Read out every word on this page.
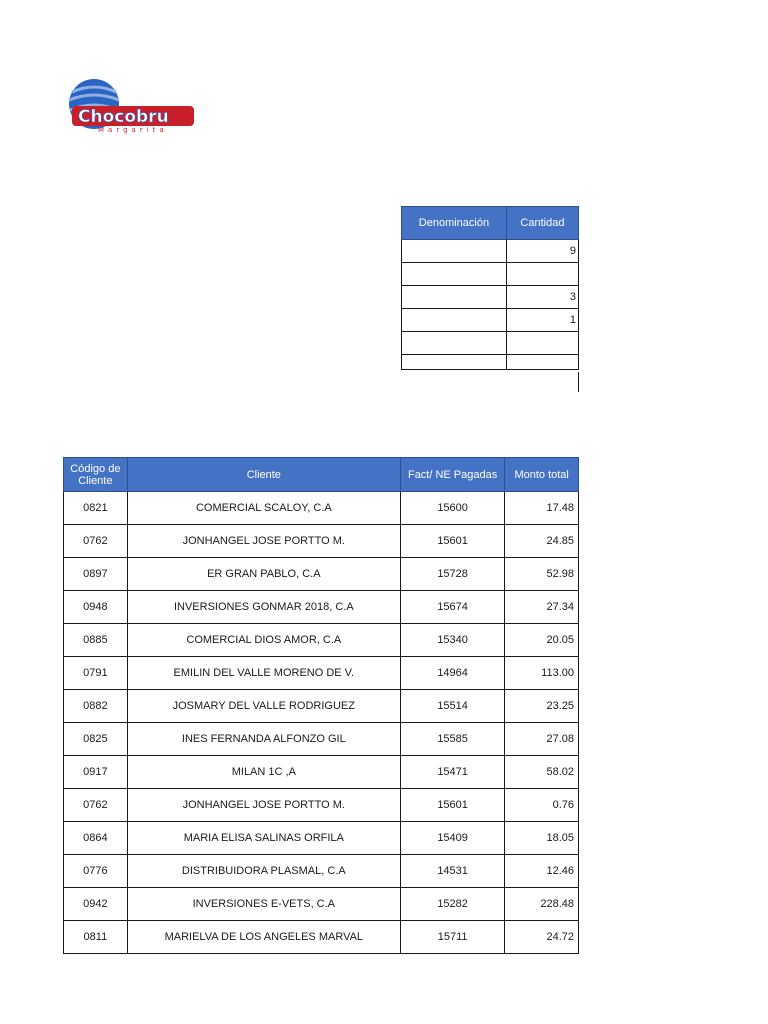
Chocobru
Margarita
Denominación	Cantidad
	9

	3
	1

Código de Cliente	Cliente	Fact/ NE Pagadas	Monto total
0821	COMERCIAL SCALOY, C.A	15600	17.48
0762	JONHANGEL JOSE PORTTO M.	15601	24.85
0897	ER GRAN PABLO, C.A	15728	52.98
0948	INVERSIONES GONMAR 2018, C.A	15674	27.34
0885	COMERCIAL DIOS AMOR, C.A	15340	20.05
0791	EMILIN DEL VALLE MORENO DE V.	14964	113.00
0882	JOSMARY DEL VALLE RODRIGUEZ	15514	23.25
0825	INES FERNANDA ALFONZO GIL	15585	27.08
0917	MILAN 1C ,A	15471	58.02
0762	JONHANGEL JOSE PORTTO M.	15601	0.76
0864	MARIA ELISA SALINAS ORFILA	15409	18.05
0776	DISTRIBUIDORA PLASMAL, C.A	14531	12.46
0942	INVERSIONES E-VETS, C.A	15282	228.48
0811	MARIELVA DE LOS ANGELES MARVAL	15711	24.72
